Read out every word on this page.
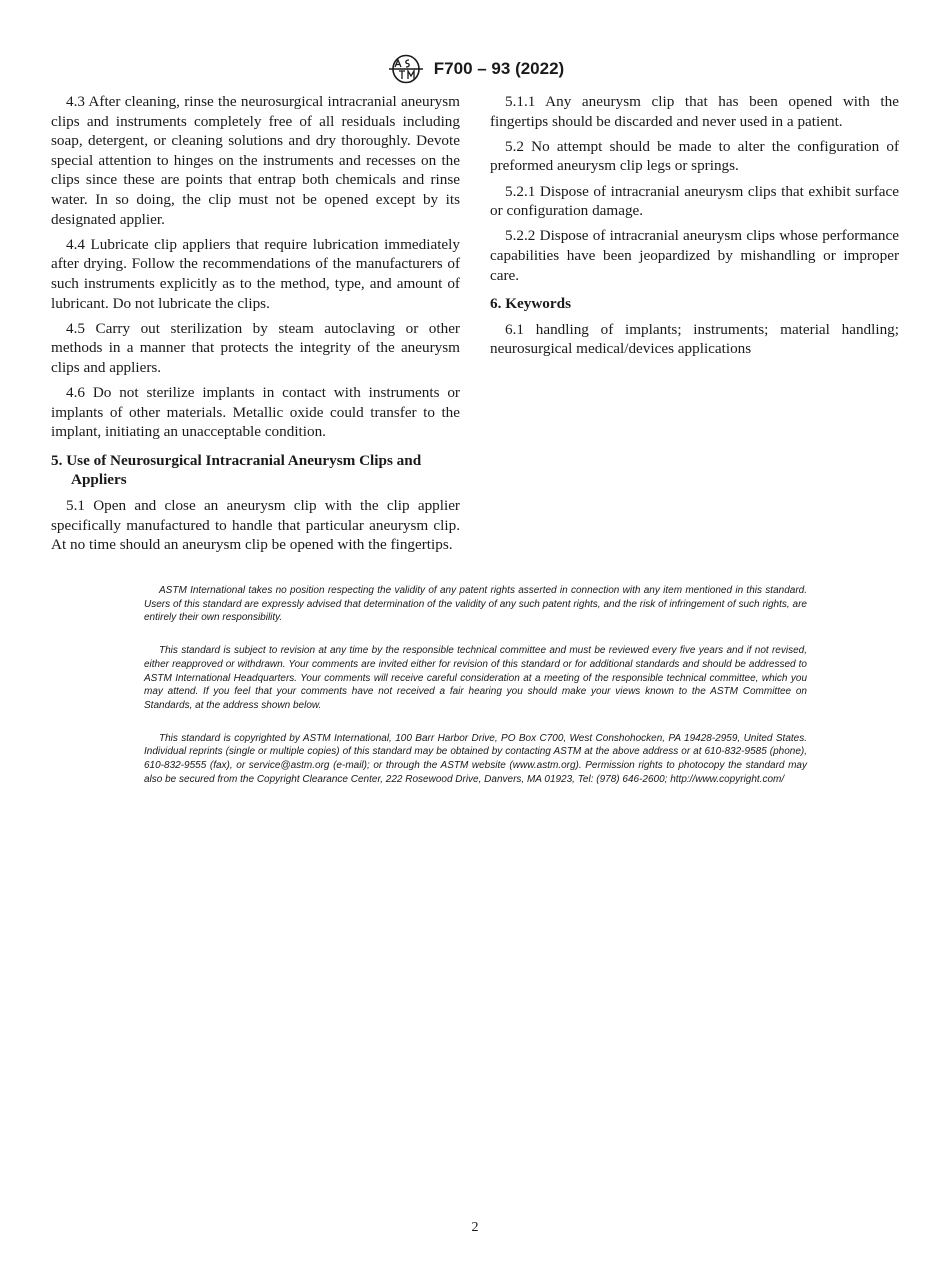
F700 – 93 (2022)

4.3 After cleaning, rinse the neurosurgical intracranial aneurysm clips and instruments completely free of all residuals including soap, detergent, or cleaning solutions and dry thoroughly. Devote special attention to hinges on the instruments and recesses on the clips since these are points that entrap both chemicals and rinse water. In so doing, the clip must not be opened except by its designated applier.

4.4 Lubricate clip appliers that require lubrication immediately after drying. Follow the recommendations of the manufacturers of such instruments explicitly as to the method, type, and amount of lubricant. Do not lubricate the clips.

4.5 Carry out sterilization by steam autoclaving or other methods in a manner that protects the integrity of the aneurysm clips and appliers.

4.6 Do not sterilize implants in contact with instruments or implants of other materials. Metallic oxide could transfer to the implant, initiating an unacceptable condition.

5. Use of Neurosurgical Intracranial Aneurysm Clips and Appliers

5.1 Open and close an aneurysm clip with the clip applier specifically manufactured to handle that particular aneurysm clip. At no time should an aneurysm clip be opened with the fingertips.

5.1.1 Any aneurysm clip that has been opened with the fingertips should be discarded and never used in a patient.

5.2 No attempt should be made to alter the configuration of preformed aneurysm clip legs or springs.

5.2.1 Dispose of intracranial aneurysm clips that exhibit surface or configuration damage.

5.2.2 Dispose of intracranial aneurysm clips whose performance capabilities have been jeopardized by mishandling or improper care.

6. Keywords

6.1 handling of implants; instruments; material handling; neurosurgical medical/devices applications

ASTM International takes no position respecting the validity of any patent rights asserted in connection with any item mentioned in this standard. Users of this standard are expressly advised that determination of the validity of any such patent rights, and the risk of infringement of such rights, are entirely their own responsibility.

This standard is subject to revision at any time by the responsible technical committee and must be reviewed every five years and if not revised, either reapproved or withdrawn. Your comments are invited either for revision of this standard or for additional standards and should be addressed to ASTM International Headquarters. Your comments will receive careful consideration at a meeting of the responsible technical committee, which you may attend. If you feel that your comments have not received a fair hearing you should make your views known to the ASTM Committee on Standards, at the address shown below.

This standard is copyrighted by ASTM International, 100 Barr Harbor Drive, PO Box C700, West Conshohocken, PA 19428-2959, United States. Individual reprints (single or multiple copies) of this standard may be obtained by contacting ASTM at the above address or at 610-832-9585 (phone), 610-832-9555 (fax), or service@astm.org (e-mail); or through the ASTM website (www.astm.org). Permission rights to photocopy the standard may also be secured from the Copyright Clearance Center, 222 Rosewood Drive, Danvers, MA 01923, Tel: (978) 646-2600; http://www.copyright.com/

2
